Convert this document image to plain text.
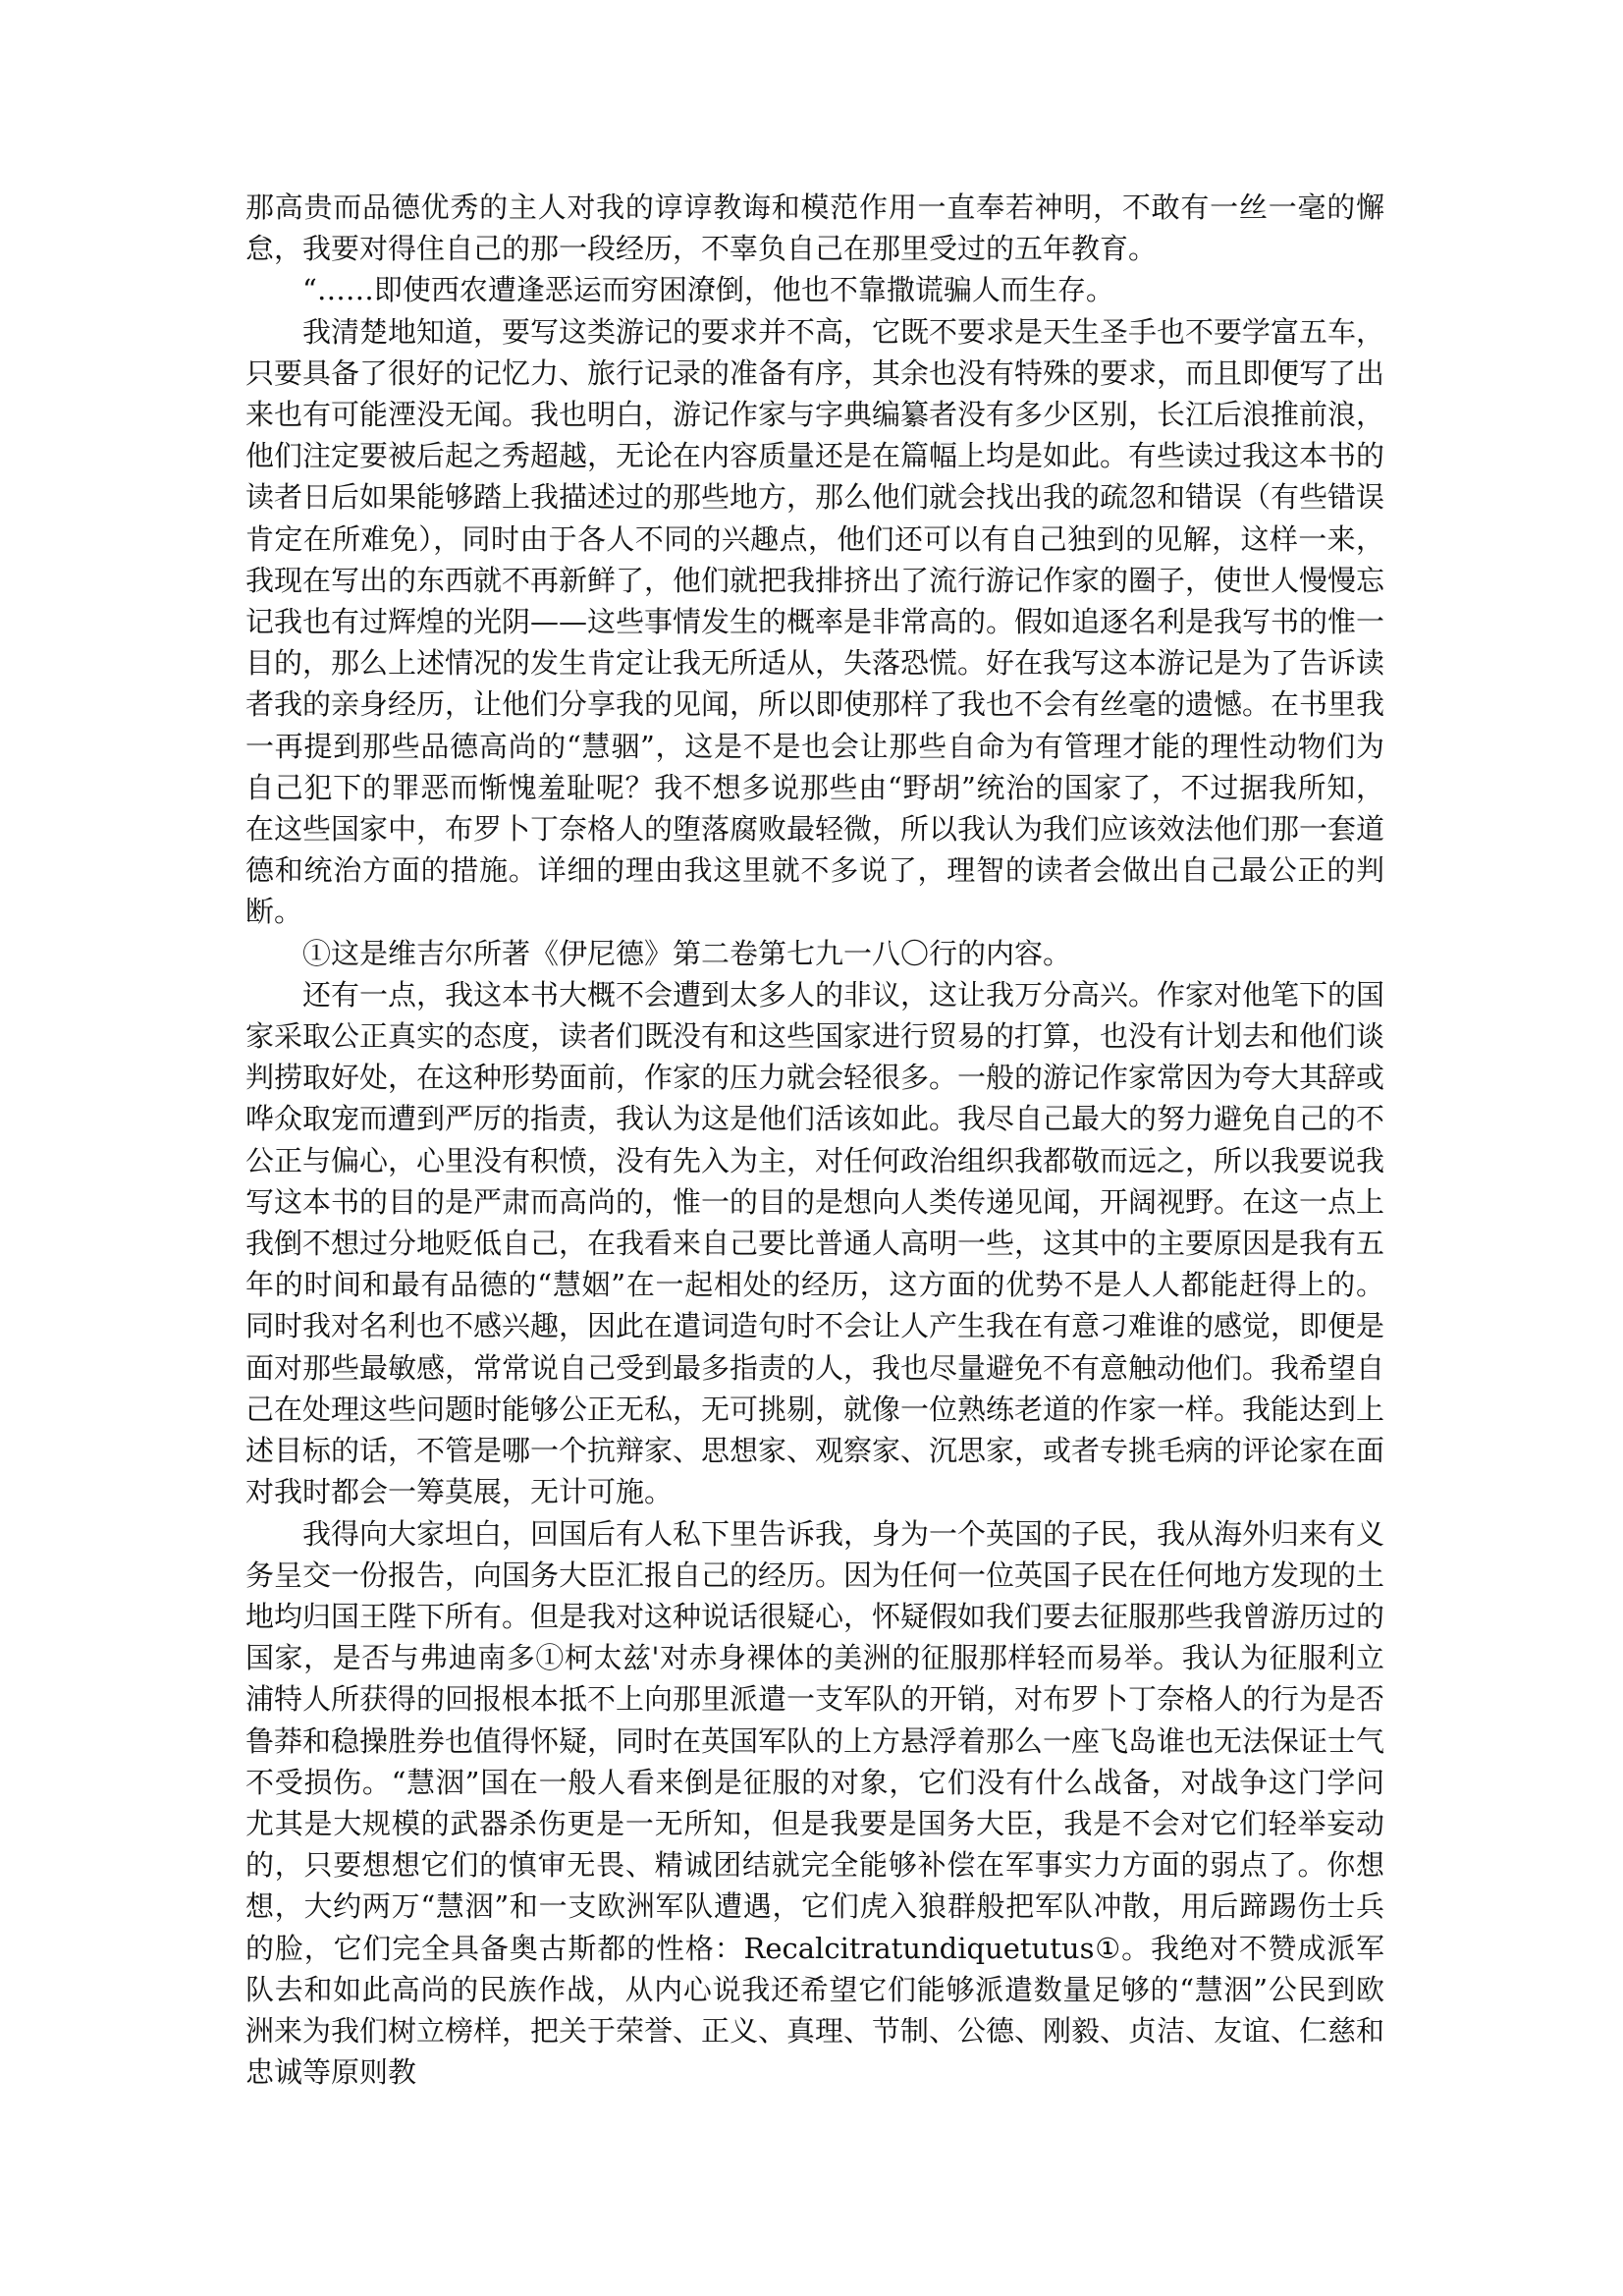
那高贵而品德优秀的主人对我的谆谆教诲和模范作用一直奉若神明，不敢有一丝一毫的懈怠，我要对得住自己的那一段经历，不辜负自己在那里受过的五年教育。

“……即使西农遭逢恶运而穷困潦倒，他也不靠撒谎骗人而生存。

我清楚地知道，要写这类游记的要求并不高，它既不要求是天生圣手也不要学富五车，只要具备了很好的记忆力、旅行记录的准备有序，其余也没有特殊的要求，而且即便写了出来也有可能湮没无闻。我也明白，游记作家与字典编纂者没有多少区别，长江后浪推前浪，他们注定要被后起之秀超越，无论在内容质量还是在篇幅上均是如此。有些读过我这本书的读者日后如果能够踏上我描述过的那些地方，那么他们就会找出我的疏忽和错误（有些错误肯定在所难免），同时由于各人不同的兴趣点，他们还可以有自己独到的见解，这样一来，我现在写出的东西就不再新鲜了，他们就把我排挤出了流行游记作家的圈子，使世人慢慢忘记我也有过辉煌的光阴——这些事情发生的概率是非常高的。假如追逐名利是我写书的惟一目的，那么上述情况的发生肯定让我无所适从，失落恐慌。好在我写这本游记是为了告诉读者我的亲身经历，让他们分享我的见闻，所以即使那样了我也不会有丝毫的遗憾。在书里我一再提到那些品德高尚的“慧骃”，这是不是也会让那些自命为有管理才能的理性动物们为自己犯下的罪恶而惭愧羞耻呢？我不想多说那些由“野胡”统治的国家了，不过据我所知，在这些国家中，布罗卜丁奈格人的堕落腐败最轻微，所以我认为我们应该效法他们那一套道德和统治方面的措施。详细的理由我这里就不多说了，理智的读者会做出自己最公正的判断。

①这是维吉尔所著《伊尼德》第二卷第七九一八〇行的内容。

还有一点，我这本书大概不会遭到太多人的非议，这让我万分高兴。作家对他笔下的国家采取公正真实的态度，读者们既没有和这些国家进行贸易的打算，也没有计划去和他们谈判捞取好处，在这种形势面前，作家的压力就会轻很多。一般的游记作家常因为夸大其辞或哗众取宠而遭到严厉的指责，我认为这是他们活该如此。我尽自己最大的努力避免自己的不公正与偏心，心里没有积愤，没有先入为主，对任何政治组织我都敬而远之，所以我要说我写这本书的目的是严肃而高尚的，惟一的目的是想向人类传递见闻，开阔视野。在这一点上我倒不想过分地贬低自己，在我看来自己要比普通人高明一些，这其中的主要原因是我有五年的时间和最有品德的“慧姻”在一起相处的经历，这方面的优势不是人人都能赶得上的。同时我对名利也不感兴趣，因此在遣词造句时不会让人产生我在有意刁难谁的感觉，即便是面对那些最敏感，常常说自己受到最多指责的人，我也尽量避免不有意触动他们。我希望自己在处理这些问题时能够公正无私，无可挑剔，就像一位熟练老道的作家一样。我能达到上述目标的话，不管是哪一个抗辩家、思想家、观察家、沉思家，或者专挑毛病的评论家在面对我时都会一筹莫展，无计可施。

我得向大家坦白，回国后有人私下里告诉我，身为一个英国的子民，我从海外归来有义务呈交一份报告，向国务大臣汇报自己的经历。因为任何一位英国子民在任何地方发现的土地均归国王陛下所有。但是我对这种说话很疑心，怀疑假如我们要去征服那些我曾游历过的国家，是否与弗迪南多①柯太兹'对赤身裸体的美洲的征服那样轻而易举。我认为征服利立浦特人所获得的回报根本抵不上向那里派遣一支军队的开销，对布罗卜丁奈格人的行为是否鲁莽和稳操胜券也值得怀疑，同时在英国军队的上方悬浮着那么一座飞岛谁也无法保证士气不受损伤。“慧洇”国在一般人看来倒是征服的对象，它们没有什么战备，对战争这门学问尤其是大规模的武器杀伤更是一无所知，但是我要是国务大臣，我是不会对它们轻举妄动的，只要想想它们的慎审无畏、精诚团结就完全能够补偿在军事实力方面的弱点了。你想想，大约两万“慧洇”和一支欧洲军队遭遇，它们虎入狼群般把军队冲散，用后蹄踢伤士兵的脸，它们完全具备奥古斯都的性格：Recalcitratundiquetutus①。我绝对不赞成派军队去和如此高尚的民族作战，从内心说我还希望它们能够派遣数量足够的“慧洇”公民到欧洲来为我们树立榜样，把关于荣誉、正义、真理、节制、公德、刚毅、贞洁、友谊、仁慈和忠诚等原则教
